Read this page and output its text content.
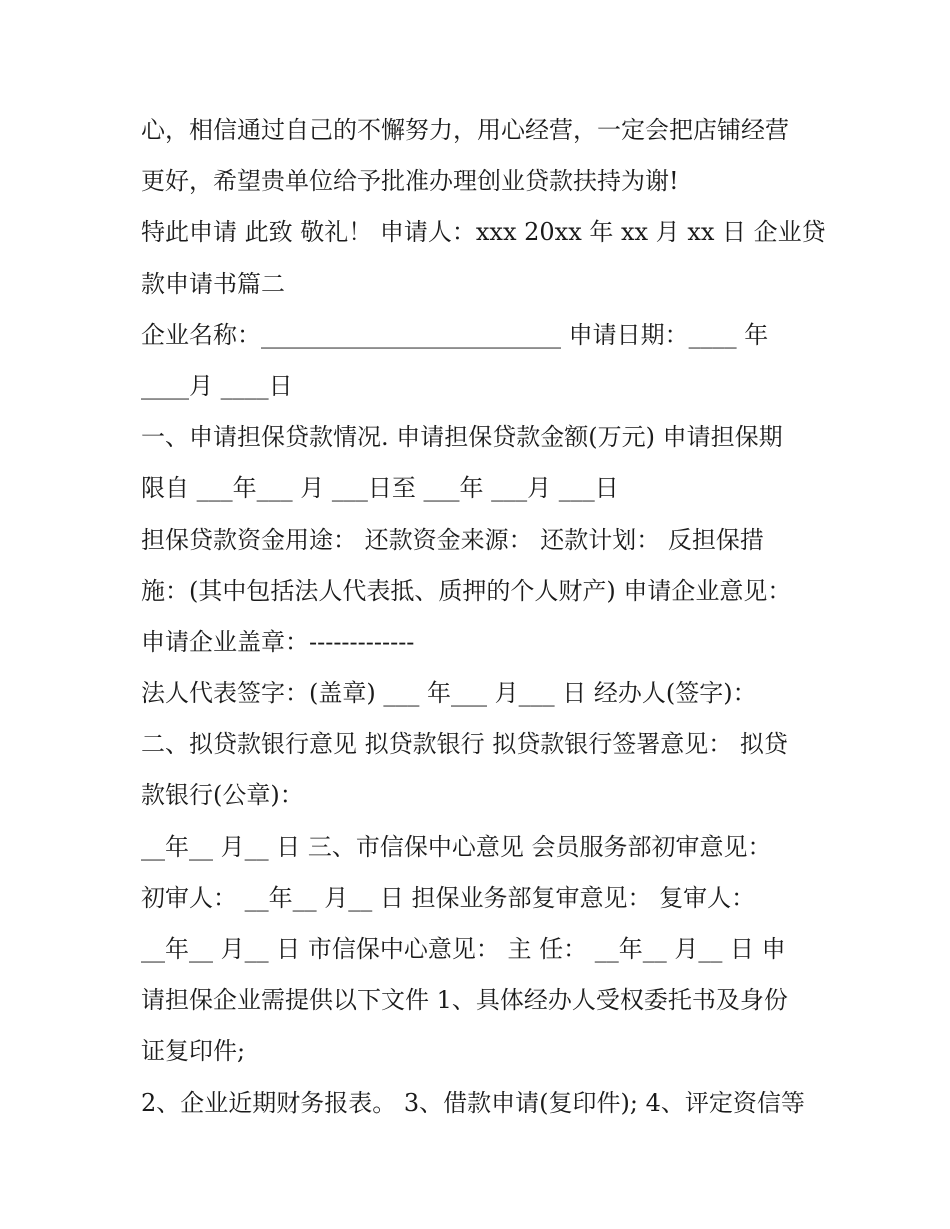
心，相信通过自己的不懈努力，用心经营，一定会把店铺经营
更好，希望贵单位给予批准办理创业贷款扶持为谢!
特此申请 此致 敬礼！ 申请人：xxx 20xx 年 xx 月 xx 日 企业贷
款申请书篇二
企业名称：_________________________ 申请日期：____ 年
____月 ____日
一、申请担保贷款情况. 申请担保贷款金额(万元) 申请担保期
限自 ___年___ 月 ___日至 ___年 ___月 ___日
担保贷款资金用途： 还款资金来源： 还款计划： 反担保措
施：(其中包括法人代表抵、质押的个人财产) 申请企业意见：
申请企业盖章：-------------
法人代表签字：(盖章) ___ 年___ 月___ 日 经办人(签字)：
二、拟贷款银行意见 拟贷款银行 拟贷款银行签署意见： 拟贷
款银行(公章)：
__年__ 月__ 日 三、市信保中心意见 会员服务部初审意见：
初审人： __年__ 月__ 日 担保业务部复审意见： 复审人：
__年__ 月__ 日 市信保中心意见： 主 任： __年__ 月__ 日 申
请担保企业需提供以下文件 1、具体经办人受权委托书及身份
证复印件;
2、企业近期财务报表。 3、借款申请(复印件); 4、评定资信等
